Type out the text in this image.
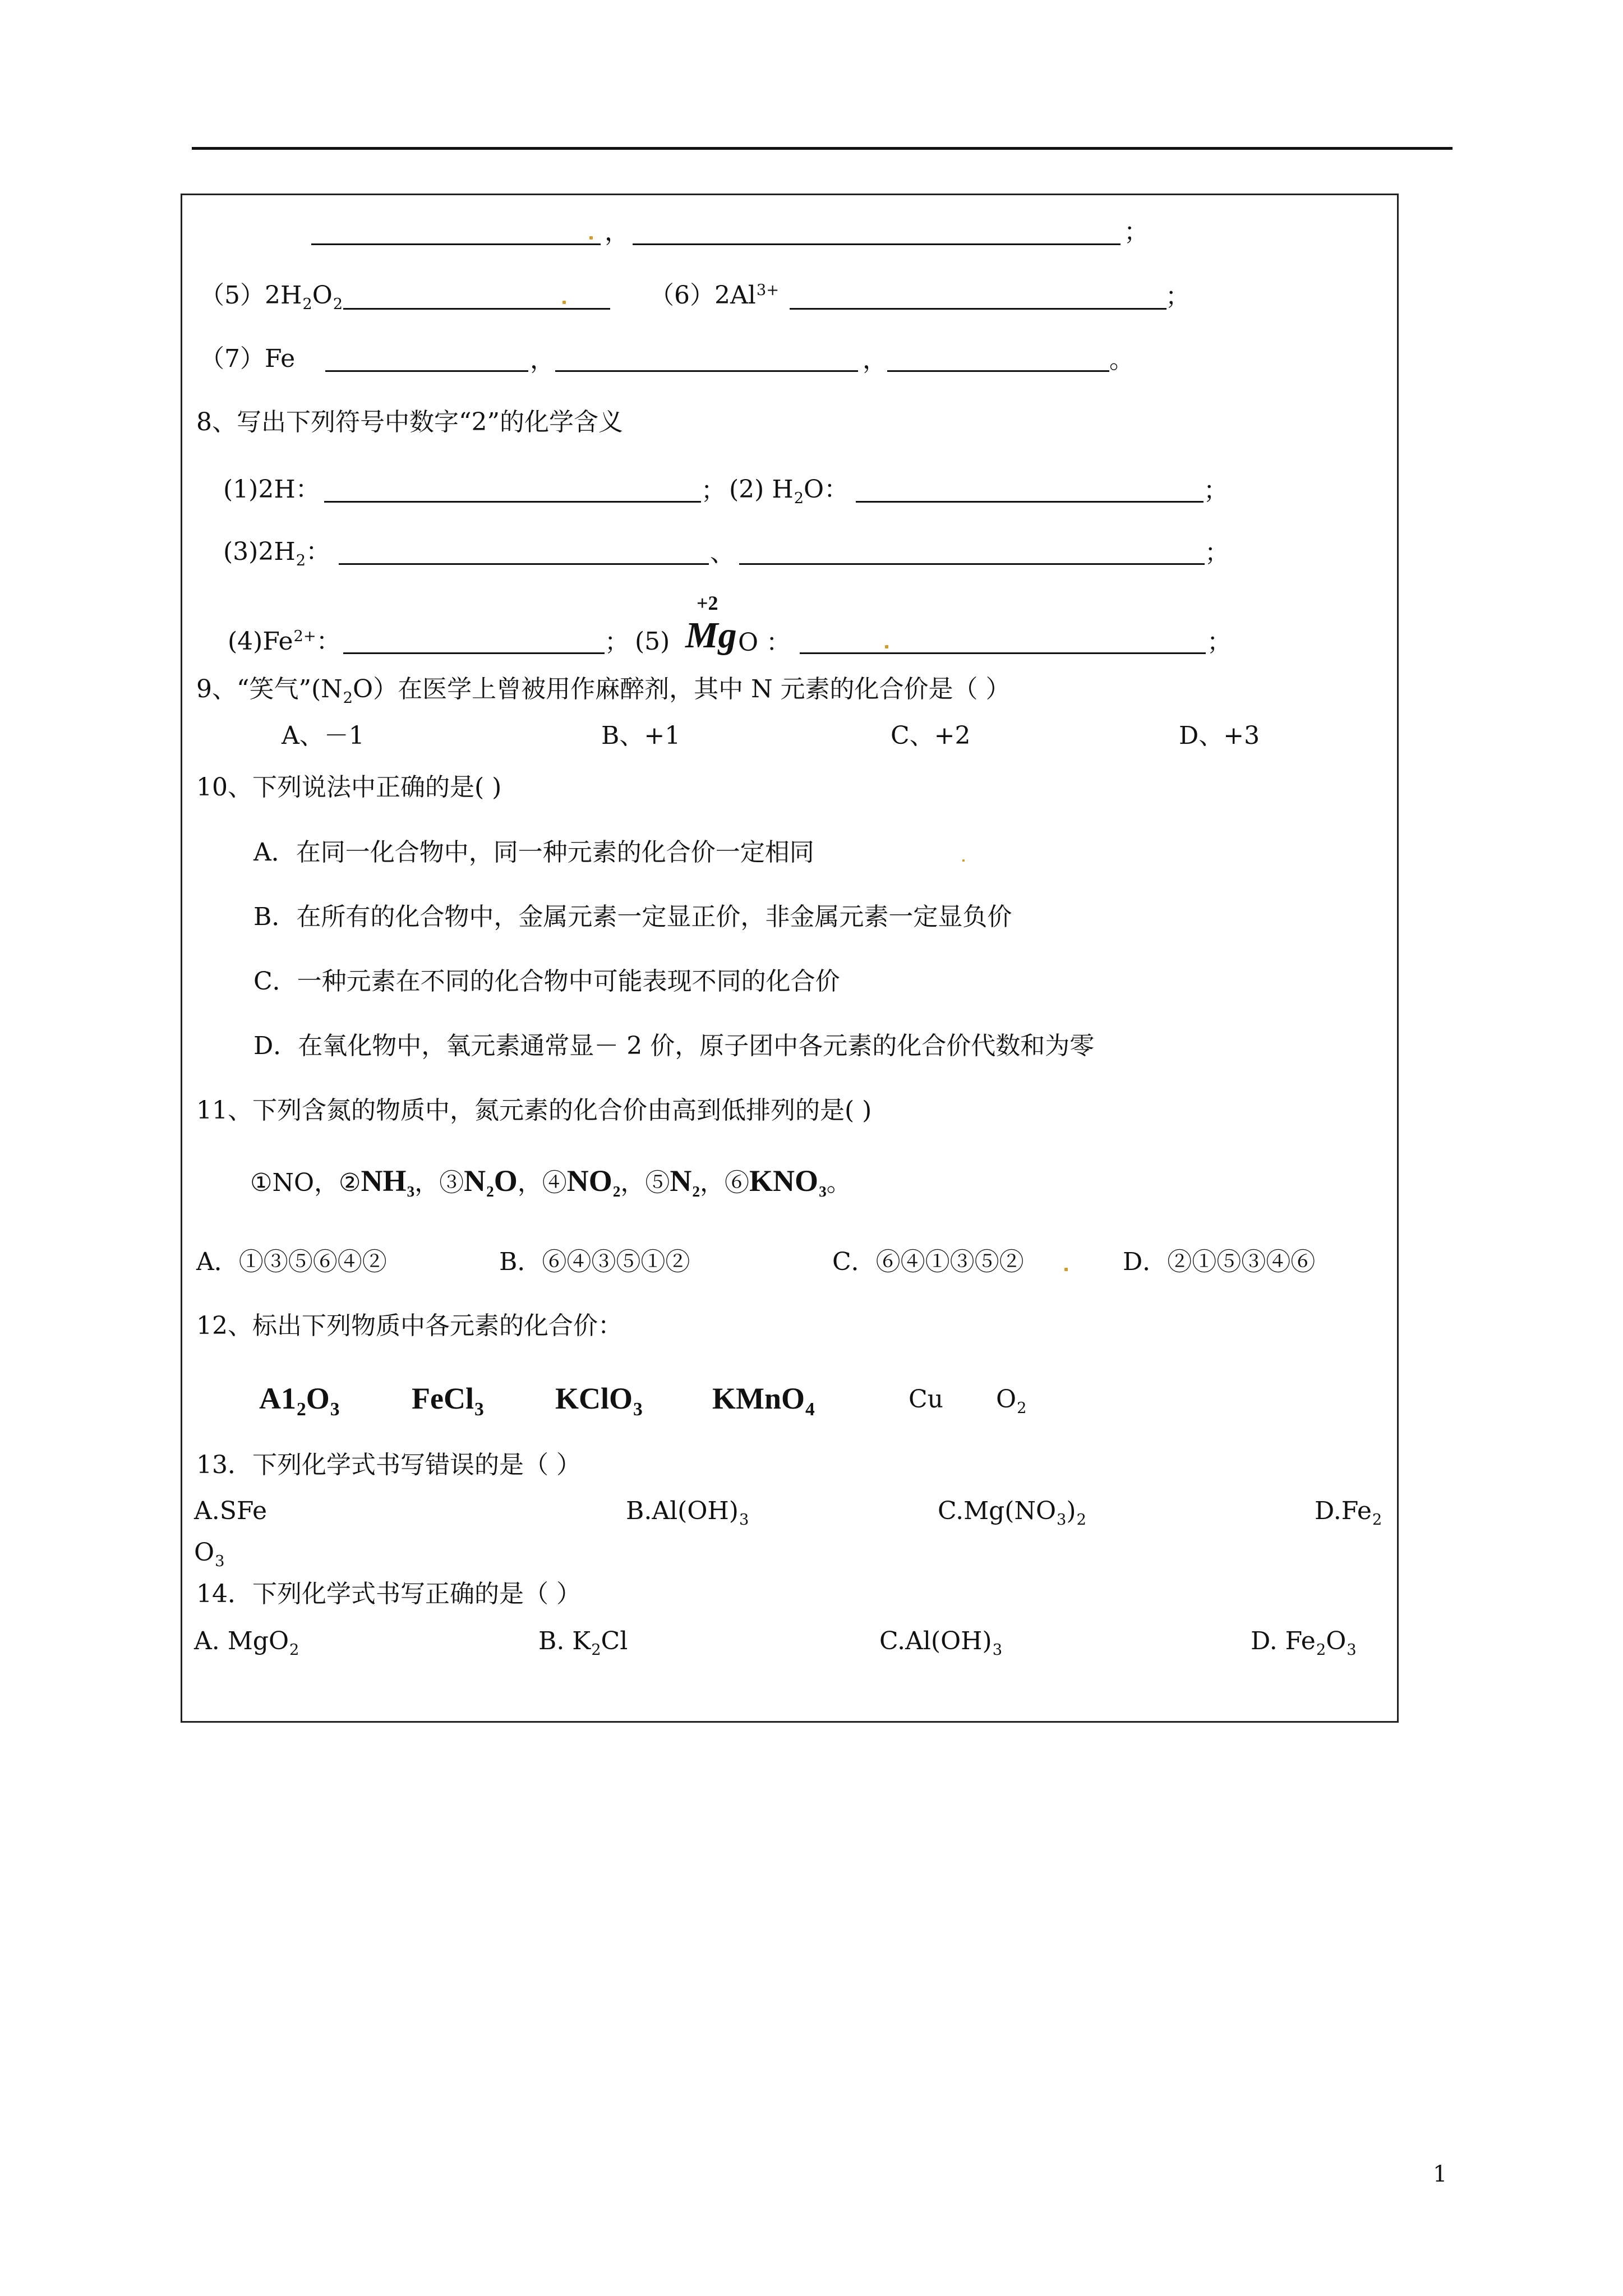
，	；
$(5)2H_2O_2$	$(6)2Al^{3+}$	；
（7）Fe	，	，	。
8、写出下列符号中数字“2”的化学含义
(1)2H：	； (2) $H_2O$：	；
$(3)2H_2$：	、	；
$(4)Fe^{2+}$：	； (5)
+2
Mg O ：	；
9、“笑气$”(N_2O)$在医学上曾被用作麻醉剂，其中 N 元素的化合价是（ ）
A、－1	B、+1	C、+2	D、+3
10、下列说法中正确的是( )
A．在同一化合物中，同一种元素的化合价一定相同
B．在所有的化合物中，金属元素一定显正价，非金属元素一定显负价
C．一种元素在不同的化合物中可能表现不同的化合价
D．在氧化物中，氧元素通常显－ 2 价，原子团中各元素的化合价代数和为零
11、下列含氮的物质中，氮元素的化合价由高到低排列的是( )
①NO，$②NH_3$，$③N_2O$，$④NO_2$，$⑤N_2$，$⑥KNO_3$。
A．①③⑤⑥④②	B．⑥④③⑤①②	C．⑥④①③⑤②	D．②①⑤③④⑥
12、标出下列物质中各元素的化合价：
$A1_2O_3$ FeCl$_3$ KClO$_3$ KMnO$_4$	Cu $O_2$
13．下列化学式书写错误的是（ ）
A.SFe	$B.Al(OH)_3$	$C.Mg(NO_3)_2$	$D.Fe_2$
$O_3$
14．下列化学式书写正确的是（ ）
A. MgO$_2$	B. $K_2Cl$	$C.Al(OH)_3$	D. $Fe_2O_3$
1
